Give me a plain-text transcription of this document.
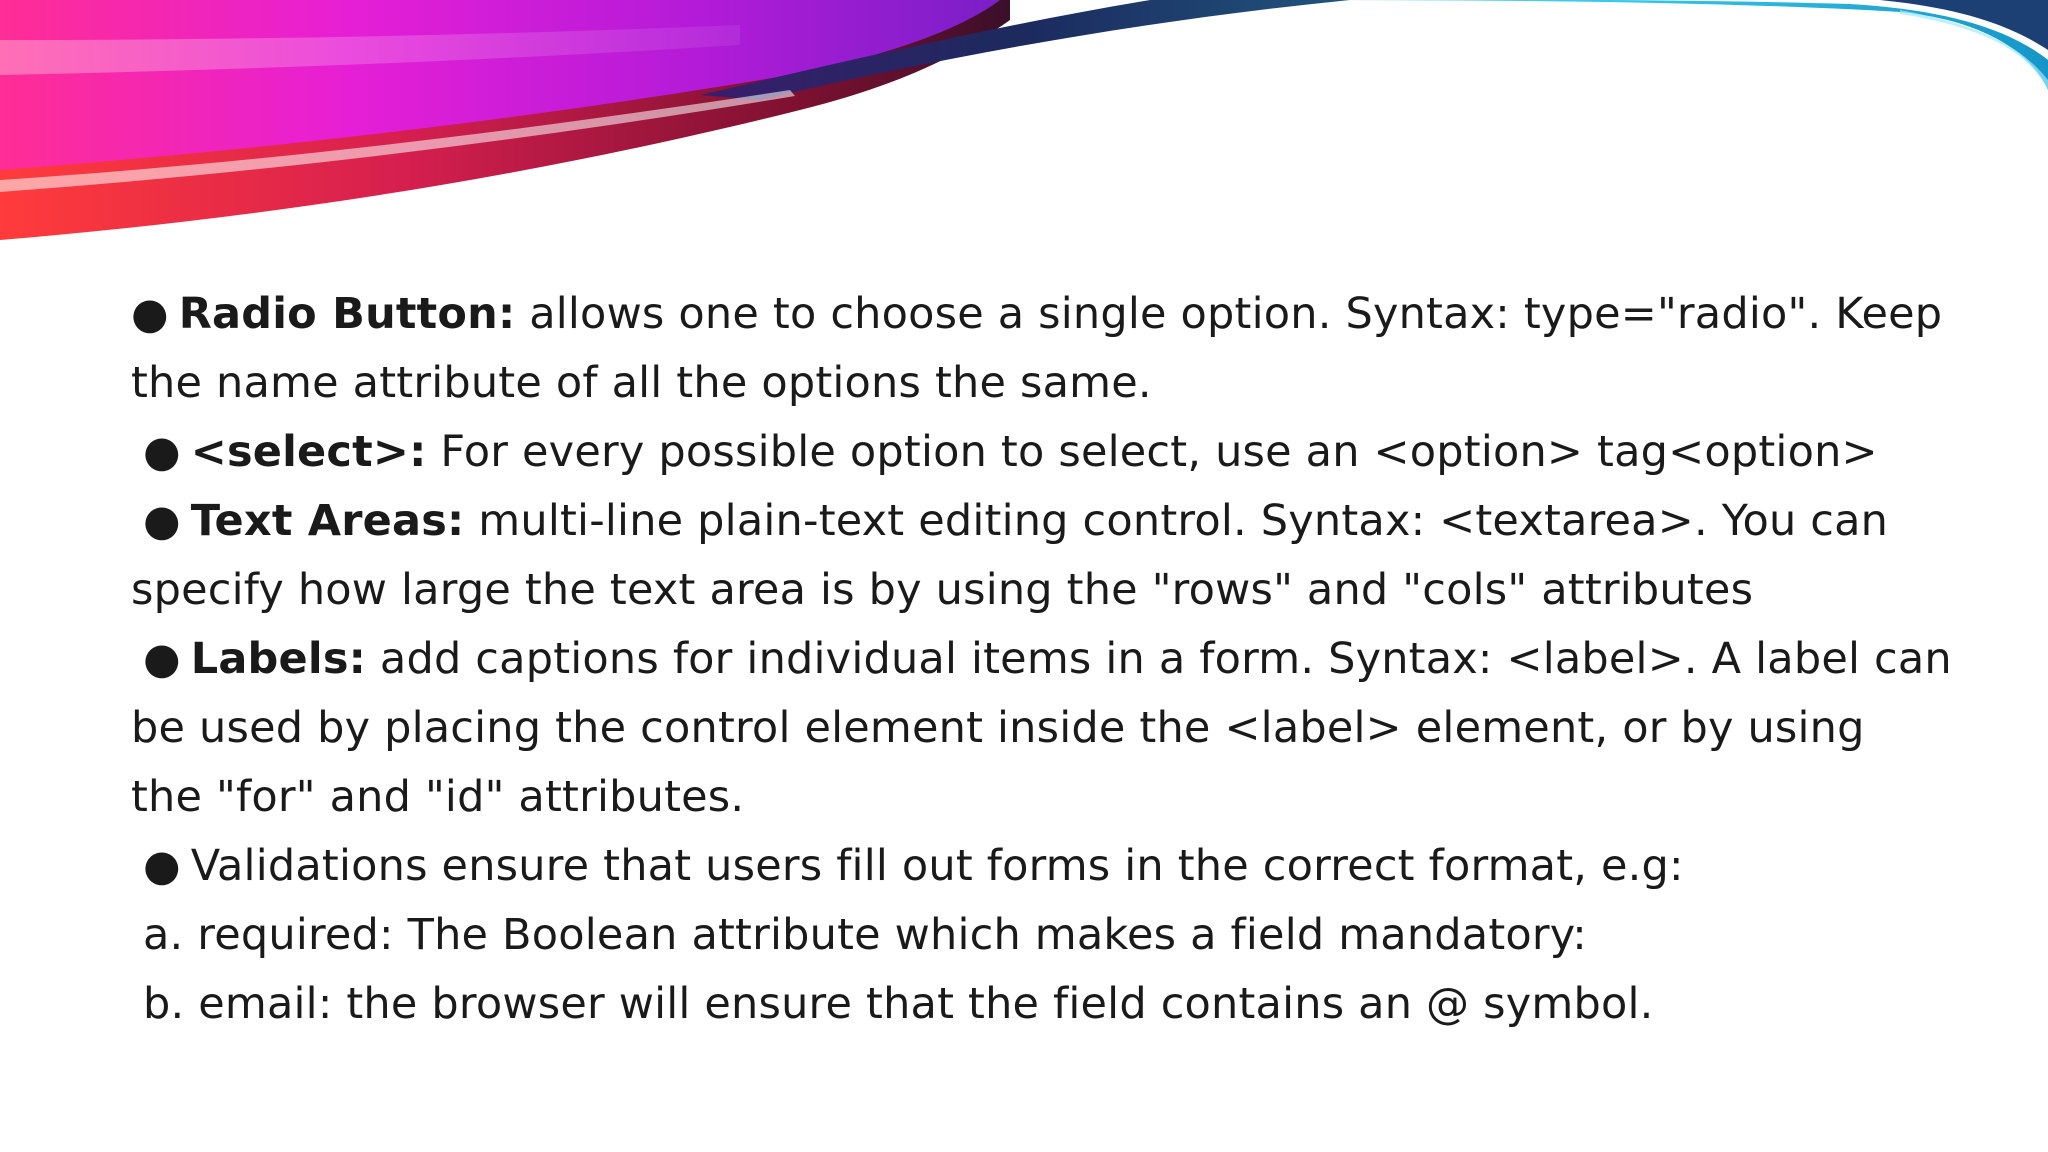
● Radio Button: allows one to choose a single option. Syntax: type="radio". Keep
the name attribute of all the options the same.
● <select>: For every possible option to select, use an <option> tag<option>
● Text Areas: multi-line plain-text editing control. Syntax: <textarea>. You can
specify how large the text area is by using the "rows" and "cols" attributes
● Labels: add captions for individual items in a form. Syntax: <label>. A label can
be used by placing the control element inside the <label> element, or by using
the "for" and "id" attributes.
● Validations ensure that users fill out forms in the correct format, e.g:
a. required: The Boolean attribute which makes a field mandatory:
b. email: the browser will ensure that the field contains an @ symbol.
